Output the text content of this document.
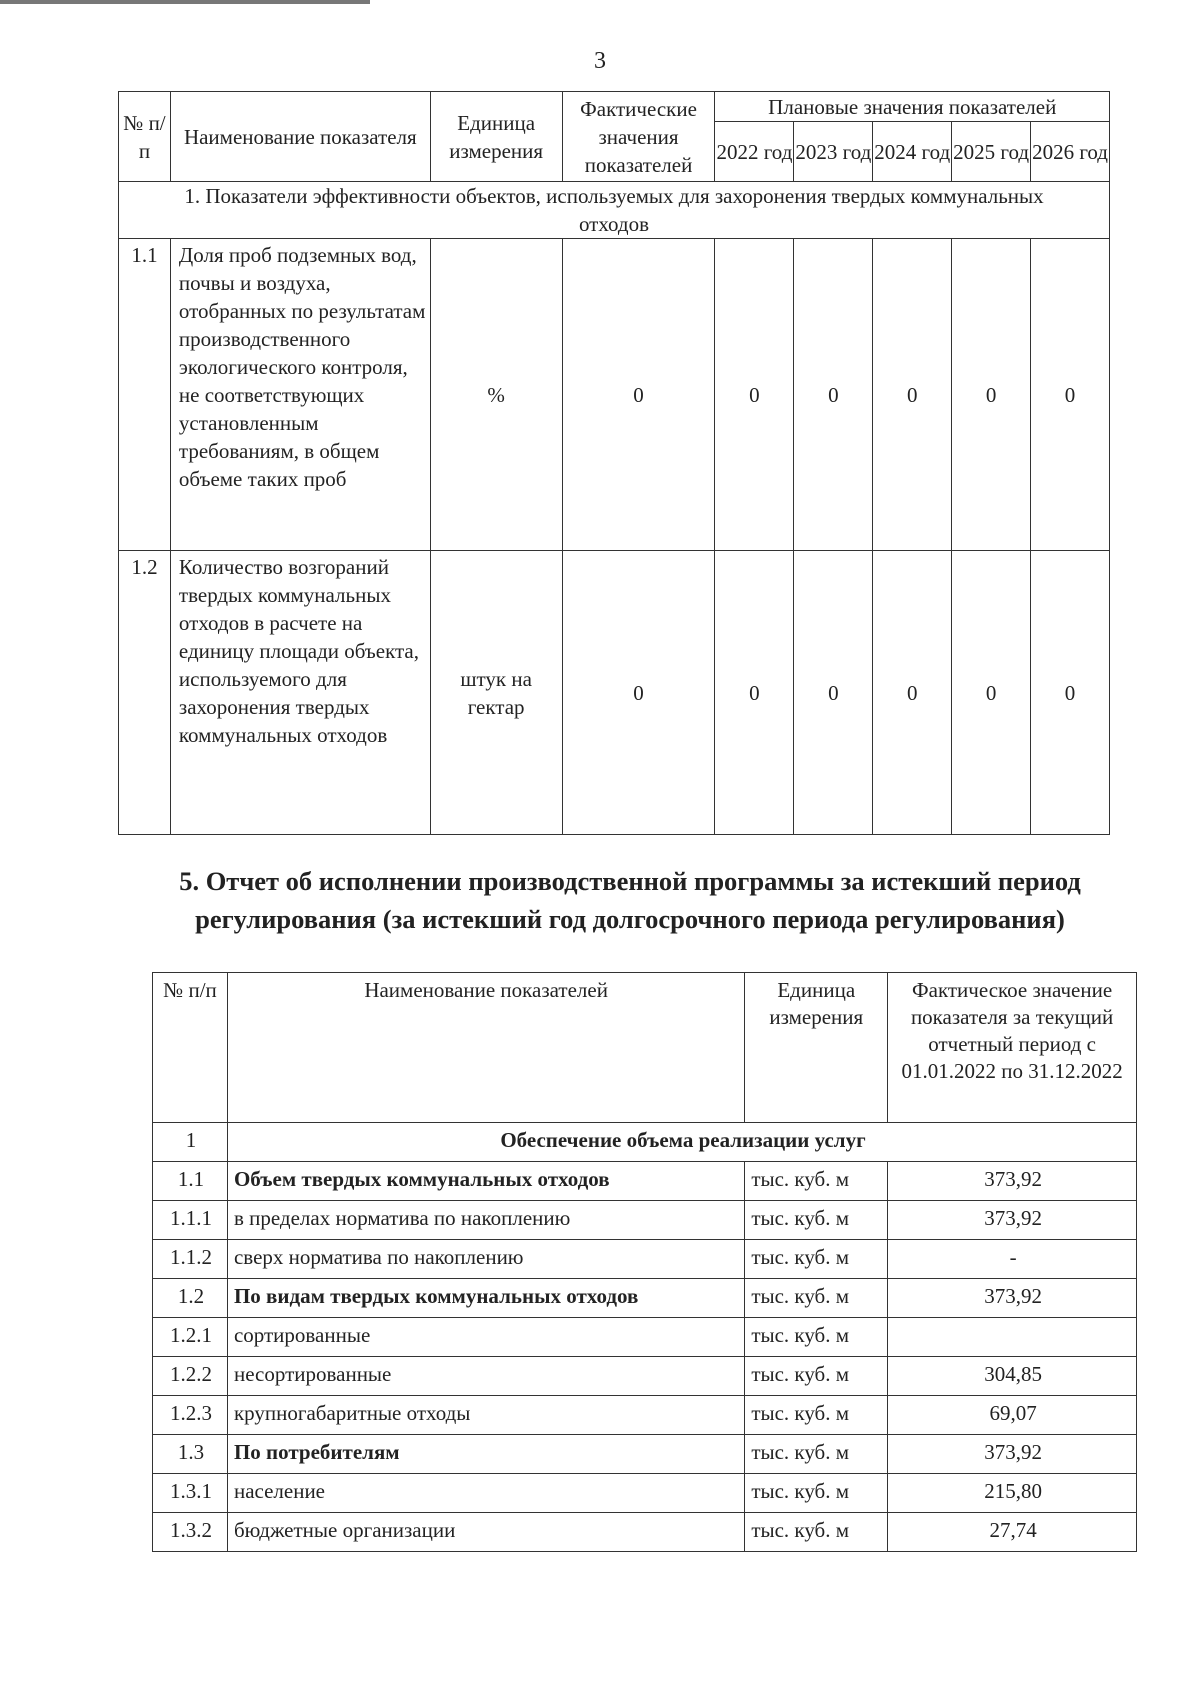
3
№ п/п	Наименование показателя	Единица измерения	Фактические значения показателей	Плановые значения показателей				
				2022 год	2023 год	2024 год	2025 год	2026 год
1. Показатели эффективности объектов, используемых для захоронения твердых коммунальных отходов								
1.1	Доля проб подземных вод, почвы и воздуха, отобранных по результатам производственного экологического контроля, не соответствующих установленным требованиям, в общем объеме таких проб	%	0	0	0	0	0	0
1.2	Количество возгораний твердых коммунальных отходов в расчете на единицу площади объекта, используемого для захоронения твердых коммунальных отходов	штук на гектар	0	0	0	0	0	0
5. Отчет об исполнении производственной программы за истекший период регулирования (за истекший год долгосрочного периода регулирования)
№ п/п	Наименование показателей	Единица измерения	Фактическое значение показателя за текущий отчетный период с 01.01.2022 по 31.12.2022
1	Обеспечение объема реализации услуг		
1.1	Объем твердых коммунальных отходов	тыс. куб. м	373,92
1.1.1	в пределах норматива по накоплению	тыс. куб. м	373,92
1.1.2	сверх норматива по накоплению	тыс. куб. м	-
1.2	По видам твердых коммунальных отходов	тыс. куб. м	373,92
1.2.1	сортированные	тыс. куб. м	
1.2.2	несортированные	тыс. куб. м	304,85
1.2.3	крупногабаритные отходы	тыс. куб. м	69,07
1.3	По потребителям	тыс. куб. м	373,92
1.3.1	население	тыс. куб. м	215,80
1.3.2	бюджетные организации	тыс. куб. м	27,74
